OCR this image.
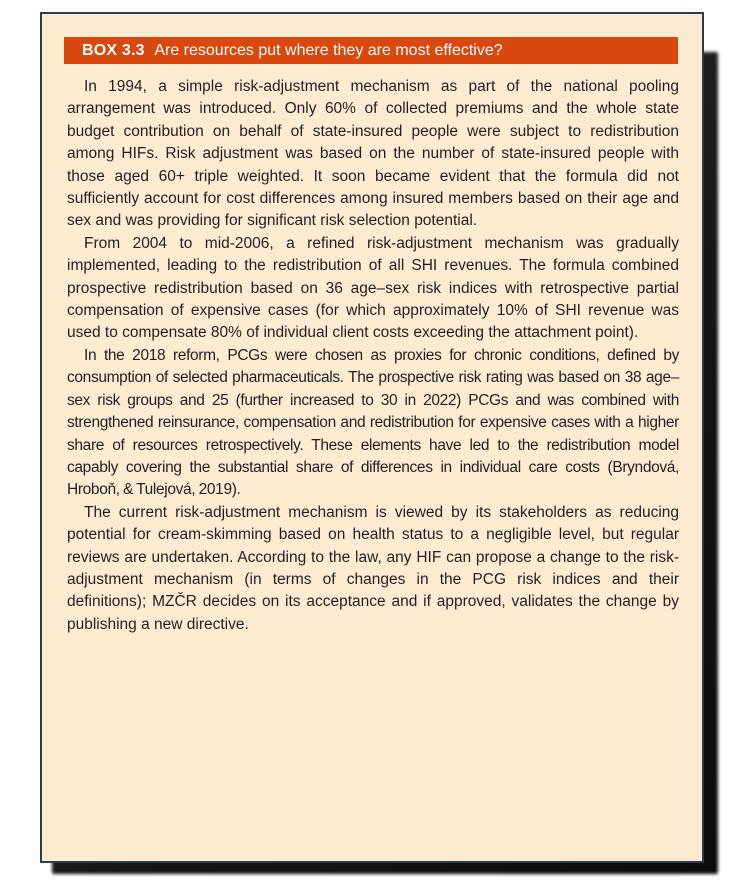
BOX 3.3 Are resources put where they are most effective?

In 1994, a simple risk-adjustment mechanism as part of the national pooling arrangement was introduced. Only 60% of collected premiums and the whole state budget contribution on behalf of state-insured people were subject to redistribution among HIFs. Risk adjustment was based on the number of state-insured people with those aged 60+ triple weighted. It soon became evident that the formula did not sufficiently account for cost differences among insured members based on their age and sex and was providing for significant risk selection potential.

From 2004 to mid-2006, a refined risk-adjustment mechanism was gradually implemented, leading to the redistribution of all SHI revenues. The formula combined prospective redistribution based on 36 age–sex risk indices with retrospective partial compensation of expensive cases (for which approximately 10% of SHI revenue was used to compensate 80% of individual client costs exceeding the attachment point).

In the 2018 reform, PCGs were chosen as proxies for chronic conditions, defined by consumption of selected pharmaceuticals. The prospective risk rating was based on 38 age–sex risk groups and 25 (further increased to 30 in 2022) PCGs and was combined with strengthened reinsurance, compensation and redistribution for expensive cases with a higher share of resources retrospectively. These elements have led to the redistribution model capably covering the substantial share of differences in individual care costs (Bryndová, Hroboň, & Tulejová, 2019).

The current risk-adjustment mechanism is viewed by its stakeholders as reducing potential for cream-skimming based on health status to a negligible level, but regular reviews are undertaken. According to the law, any HIF can propose a change to the risk-adjustment mechanism (in terms of changes in the PCG risk indices and their definitions); MZČR decides on its acceptance and if approved, validates the change by publishing a new directive.
